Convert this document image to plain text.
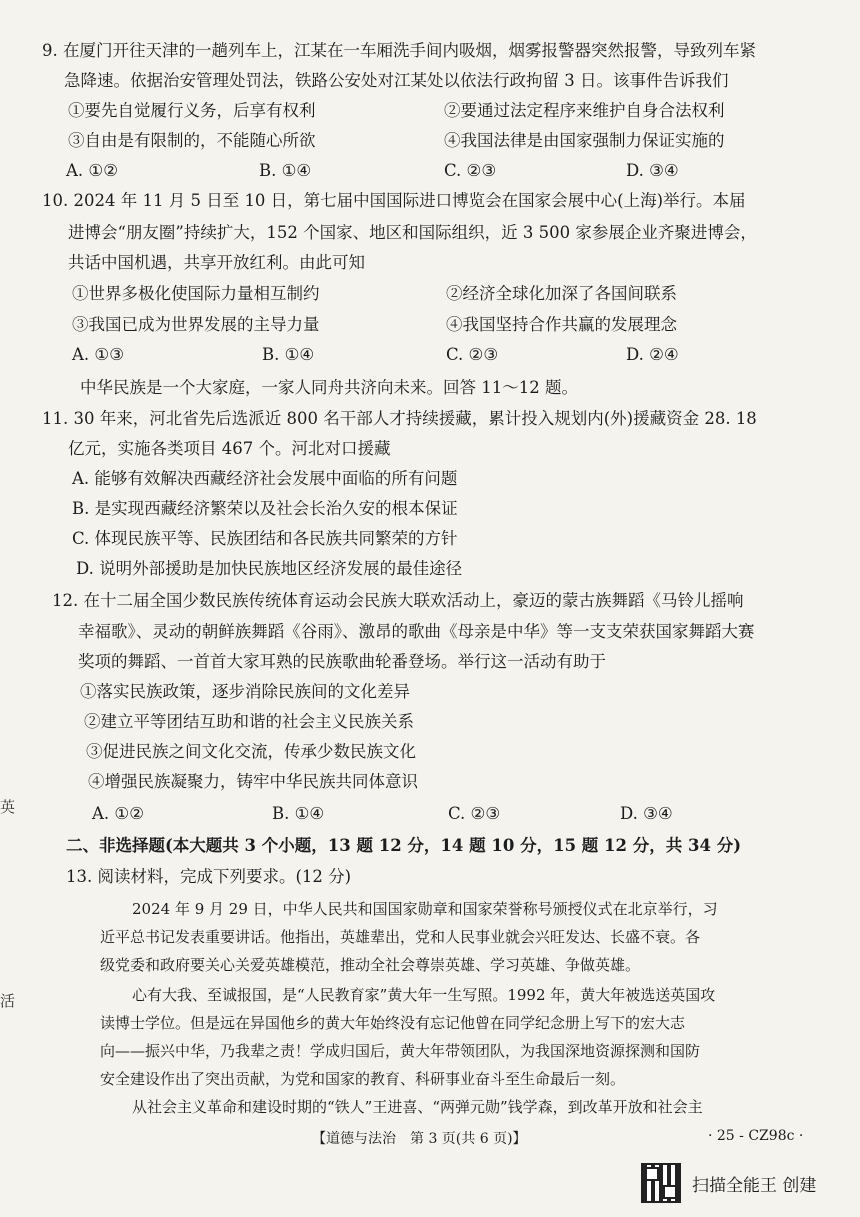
9. 在厦门开往天津的一趟列车上，江某在一车厢洗手间内吸烟，烟雾报警器突然报警，导致列车紧
急降速。依据治安管理处罚法，铁路公安处对江某处以依法行政拘留 3 日。该事件告诉我们
①要先自觉履行义务，后享有权利	②要通过法定程序来维护自身合法权利
③自由是有限制的，不能随心所欲	④我国法律是由国家强制力保证实施的
A. ①②	B. ①④	C. ②③	D. ③④
10. 2024 年 11 月 5 日至 10 日，第七届中国国际进口博览会在国家会展中心(上海)举行。本届
进博会“朋友圈”持续扩大，152 个国家、地区和国际组织，近 3 500 家参展企业齐聚进博会，
共话中国机遇，共享开放红利。由此可知
①世界多极化使国际力量相互制约	②经济全球化加深了各国间联系
③我国已成为世界发展的主导力量	④我国坚持合作共赢的发展理念
A. ①③	B. ①④	C. ②③	D. ②④
中华民族是一个大家庭，一家人同舟共济向未来。回答 11～12 题。
11. 30 年来，河北省先后选派近 800 名干部人才持续援藏，累计投入规划内(外)援藏资金 28. 18
亿元，实施各类项目 467 个。河北对口援藏
A. 能够有效解决西藏经济社会发展中面临的所有问题
B. 是实现西藏经济繁荣以及社会长治久安的根本保证
C. 体现民族平等、民族团结和各民族共同繁荣的方针
D. 说明外部援助是加快民族地区经济发展的最佳途径
12. 在十二届全国少数民族传统体育运动会民族大联欢活动上，豪迈的蒙古族舞蹈《马铃儿摇响
幸福歌》、灵动的朝鲜族舞蹈《谷雨》、激昂的歌曲《母亲是中华》等一支支荣获国家舞蹈大赛
奖项的舞蹈、一首首大家耳熟的民族歌曲轮番登场。举行这一活动有助于
①落实民族政策，逐步消除民族间的文化差异
②建立平等团结互助和谐的社会主义民族关系
③促进民族之间文化交流，传承少数民族文化
④增强民族凝聚力，铸牢中华民族共同体意识
A. ①②	B. ①④	C. ②③	D. ③④
二、非选择题(本大题共 3 个小题，13 题 12 分，14 题 10 分，15 题 12 分，共 34 分)
13. 阅读材料，完成下列要求。(12 分)
2024 年 9 月 29 日，中华人民共和国国家勋章和国家荣誉称号颁授仪式在北京举行，习
近平总书记发表重要讲话。他指出，英雄辈出，党和人民事业就会兴旺发达、长盛不衰。各
级党委和政府要关心关爱英雄模范，推动全社会尊崇英雄、学习英雄、争做英雄。
心有大我、至诚报国，是“人民教育家”黄大年一生写照。1992 年，黄大年被选送英国攻
读博士学位。但是远在异国他乡的黄大年始终没有忘记他曾在同学纪念册上写下的宏大志
向——振兴中华，乃我辈之责！学成归国后，黄大年带领团队，为我国深地资源探测和国防
安全建设作出了突出贡献，为党和国家的教育、科研事业奋斗至生命最后一刻。
从社会主义革命和建设时期的“铁人”王进喜、“两弹元勋”钱学森，到改革开放和社会主
【道德与法治　第 3 页(共 6 页)】	· 25 - CZ98c ·
英
活
扫描全能王 创建
